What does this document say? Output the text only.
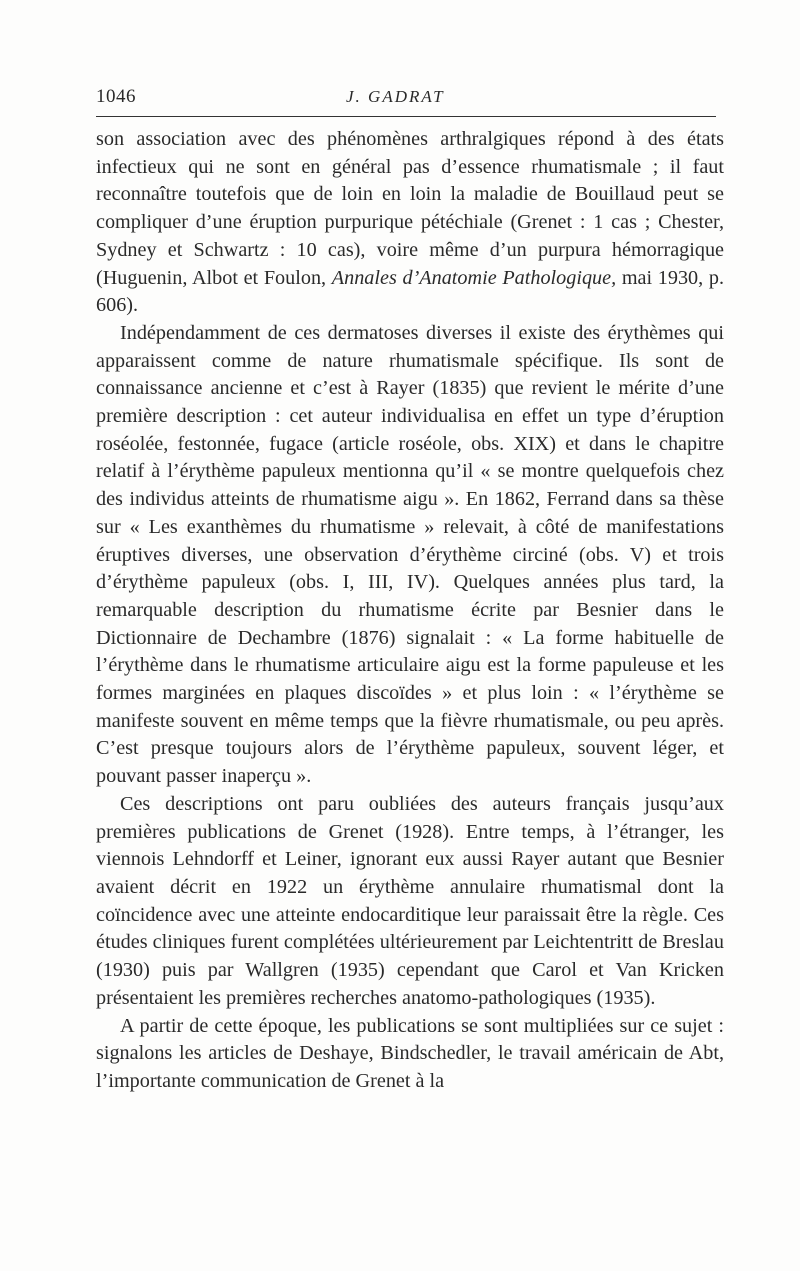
1046	J. GADRAT

son association avec des phénomènes arthralgiques répond à des états infectieux qui ne sont en général pas d’essence rhumatismale ; il faut reconnaître toutefois que de loin en loin la maladie de Bouillaud peut se compliquer d’une éruption purpurique pétéchiale (Grenet : 1 cas ; Chester, Sydney et Schwartz : 10 cas), voire même d’un purpura hémorragique (Huguenin, Albot et Foulon, Annales d’Anatomie Pathologique, mai 1930, p. 606).

Indépendamment de ces dermatoses diverses il existe des érythèmes qui apparaissent comme de nature rhumatismale spécifique. Ils sont de connaissance ancienne et c’est à Rayer (1835) que revient le mérite d’une première description : cet auteur individualisa en effet un type d’éruption roséolée, festonnée, fugace (article roséole, obs. XIX) et dans le chapitre relatif à l’érythème papuleux mentionna qu’il « se montre quelquefois chez des individus atteints de rhumatisme aigu ». En 1862, Ferrand dans sa thèse sur « Les exanthèmes du rhumatisme » relevait, à côté de manifestations éruptives diverses, une observation d’érythème circiné (obs. V) et trois d’érythème papuleux (obs. I, III, IV). Quelques années plus tard, la remarquable description du rhumatisme écrite par Besnier dans le Dictionnaire de Dechambre (1876) signalait : « La forme habituelle de l’érythème dans le rhumatisme articulaire aigu est la forme papuleuse et les formes marginées en plaques discoïdes » et plus loin : « l’érythème se manifeste souvent en même temps que la fièvre rhumatismale, ou peu après. C’est presque toujours alors de l’érythème papuleux, souvent léger, et pouvant passer inaperçu ».

Ces descriptions ont paru oubliées des auteurs français jusqu’aux premières publications de Grenet (1928). Entre temps, à l’étranger, les viennois Lehndorff et Leiner, ignorant eux aussi Rayer autant que Besnier avaient décrit en 1922 un érythème annulaire rhumatismal dont la coïncidence avec une atteinte endocarditique leur paraissait être la règle. Ces études cliniques furent complétées ultérieurement par Leichtentritt de Breslau (1930) puis par Wallgren (1935) cependant que Carol et Van Kricken présentaient les premières recherches anatomo-pathologiques (1935).

A partir de cette époque, les publications se sont multipliées sur ce sujet : signalons les articles de Deshaye, Bindschedler, le travail américain de Abt, l’importante communication de Grenet à la
